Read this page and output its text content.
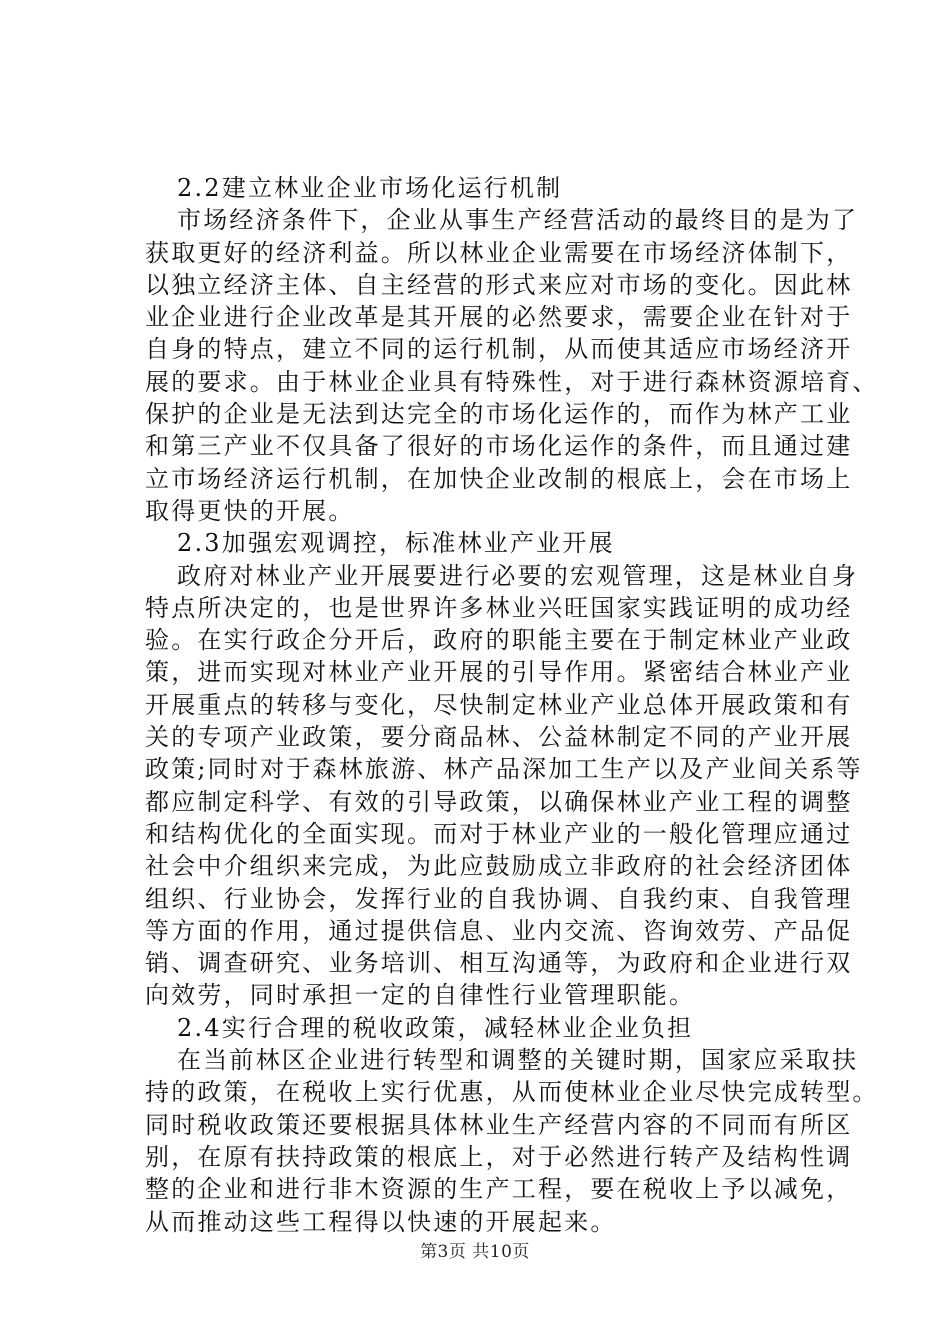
2.2建立林业企业市场化运行机制
市场经济条件下，企业从事生产经营活动的最终目的是为了
获取更好的经济利益。所以林业企业需要在市场经济体制下，
以独立经济主体、自主经营的形式来应对市场的变化。因此林
业企业进行企业改革是其开展的必然要求，需要企业在针对于
自身的特点，建立不同的运行机制，从而使其适应市场经济开
展的要求。由于林业企业具有特殊性，对于进行森林资源培育、
保护的企业是无法到达完全的市场化运作的，而作为林产工业
和第三产业不仅具备了很好的市场化运作的条件，而且通过建
立市场经济运行机制，在加快企业改制的根底上，会在市场上
取得更快的开展。
2.3加强宏观调控，标准林业产业开展
政府对林业产业开展要进行必要的宏观管理，这是林业自身
特点所决定的，也是世界许多林业兴旺国家实践证明的成功经
验。在实行政企分开后，政府的职能主要在于制定林业产业政
策，进而实现对林业产业开展的引导作用。紧密结合林业产业
开展重点的转移与变化，尽快制定林业产业总体开展政策和有
关的专项产业政策，要分商品林、公益林制定不同的产业开展
政策;同时对于森林旅游、林产品深加工生产以及产业间关系等
都应制定科学、有效的引导政策，以确保林业产业工程的调整
和结构优化的全面实现。而对于林业产业的一般化管理应通过
社会中介组织来完成，为此应鼓励成立非政府的社会经济团体
组织、行业协会，发挥行业的自我协调、自我约束、自我管理
等方面的作用，通过提供信息、业内交流、咨询效劳、产品促
销、调查研究、业务培训、相互沟通等，为政府和企业进行双
向效劳，同时承担一定的自律性行业管理职能。
2.4实行合理的税收政策，减轻林业企业负担
在当前林区企业进行转型和调整的关键时期，国家应采取扶
持的政策，在税收上实行优惠，从而使林业企业尽快完成转型。
同时税收政策还要根据具体林业生产经营内容的不同而有所区
别，在原有扶持政策的根底上，对于必然进行转产及结构性调
整的企业和进行非木资源的生产工程，要在税收上予以减免，
从而推动这些工程得以快速的开展起来。
第3页 共10页
